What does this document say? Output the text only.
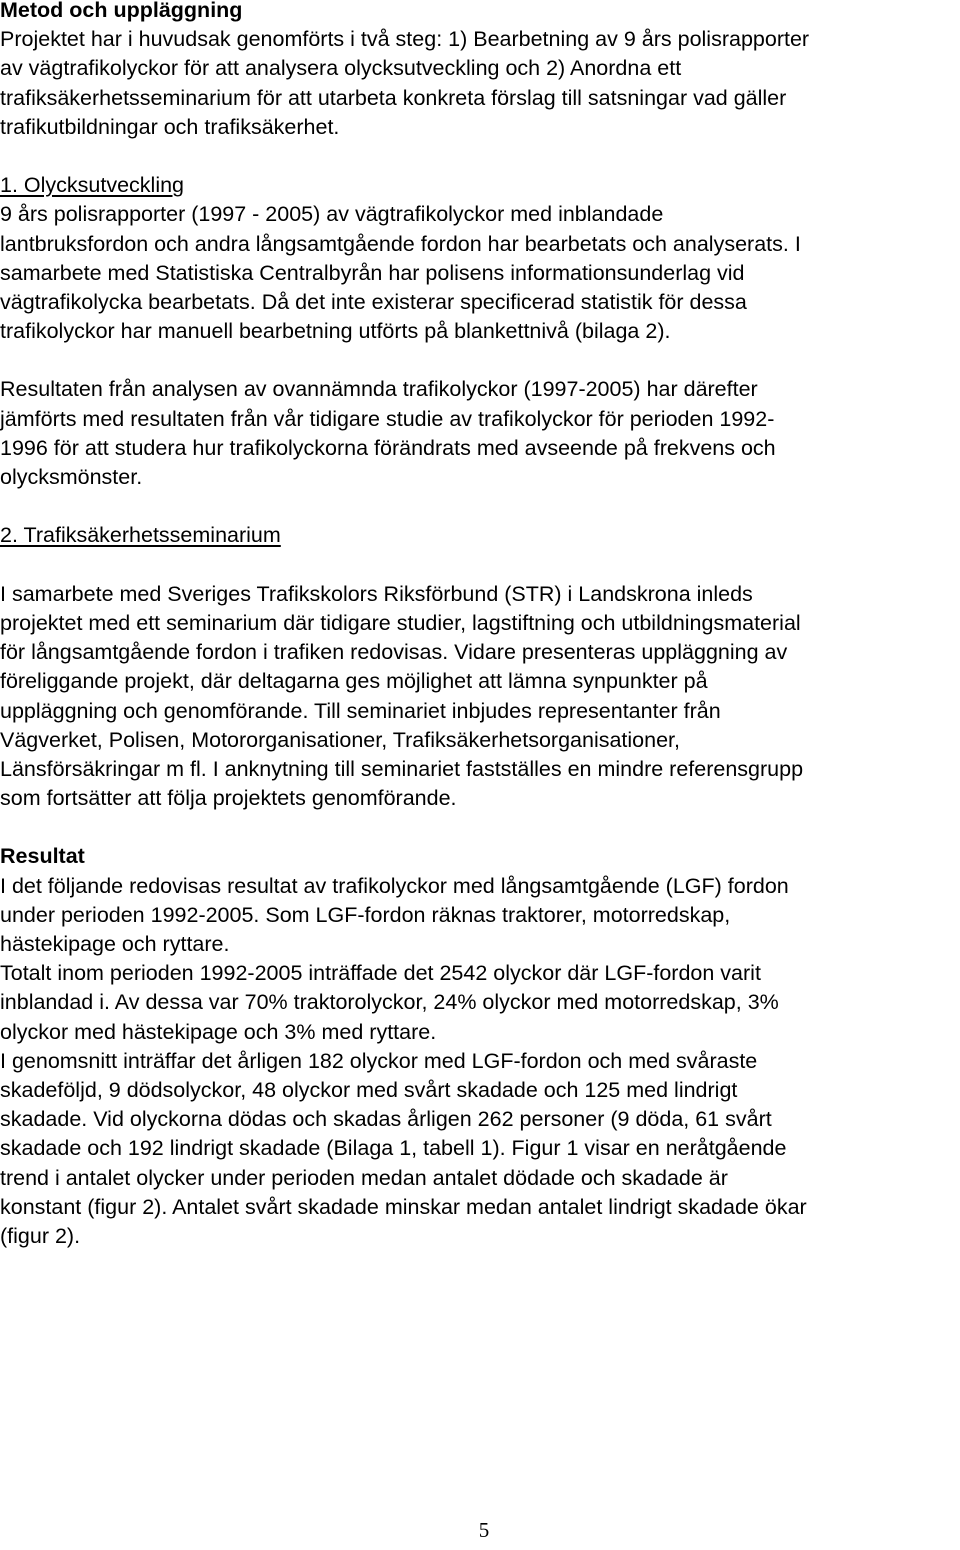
Metod och uppläggning
Projektet har i huvudsak genomförts i två steg: 1) Bearbetning av 9 års polisrapporter
av vägtrafikolyckor för att analysera olycksutveckling och 2) Anordna ett
trafiksäkerhetsseminarium för att utarbeta konkreta förslag till satsningar vad gäller
trafikutbildningar och trafiksäkerhet.
1. Olycksutveckling
9 års polisrapporter (1997 - 2005) av vägtrafikolyckor med inblandade
lantbruksfordon och andra långsamtgående fordon har bearbetats och analyserats. I
samarbete med Statistiska Centralbyrån har polisens informationsunderlag vid
vägtrafikolycka bearbetats. Då det inte existerar specificerad statistik för dessa
trafikolyckor har manuell bearbetning utförts på blankettnivå (bilaga 2).
Resultaten från analysen av ovannämnda trafikolyckor (1997-2005) har därefter
jämförts med resultaten från vår tidigare studie av trafikolyckor för perioden 1992-
1996 för att studera hur trafikolyckorna förändrats med avseende på frekvens och
olycksmönster.
2. Trafiksäkerhetsseminarium
I samarbete med Sveriges Trafikskolors Riksförbund (STR) i Landskrona inleds
projektet med ett seminarium där tidigare studier, lagstiftning och utbildningsmaterial
för långsamtgående fordon i trafiken redovisas. Vidare presenteras uppläggning av
föreliggande projekt, där deltagarna ges möjlighet att lämna synpunkter på
uppläggning och genomförande. Till seminariet inbjudes representanter från
Vägverket, Polisen, Motororganisationer, Trafiksäkerhetsorganisationer,
Länsförsäkringar m fl. I anknytning till seminariet fastställes en mindre referensgrupp
som fortsätter att följa projektets genomförande.
Resultat
I det följande redovisas resultat av trafikolyckor med långsamtgående (LGF) fordon
under perioden 1992-2005. Som LGF-fordon räknas traktorer, motorredskap,
hästekipage och ryttare.
Totalt inom perioden 1992-2005 inträffade det 2542 olyckor där LGF-fordon varit
inblandad i. Av dessa var 70% traktorolyckor, 24% olyckor med motorredskap, 3%
olyckor med hästekipage och 3% med ryttare.
I genomsnitt inträffar det årligen 182 olyckor med LGF-fordon och med svåraste
skadeföljd, 9 dödsolyckor, 48 olyckor med svårt skadade och 125 med lindrigt
skadade. Vid olyckorna dödas och skadas årligen 262 personer (9 döda, 61 svårt
skadade och 192 lindrigt skadade (Bilaga 1, tabell 1). Figur 1 visar en neråtgående
trend i antalet olycker under perioden medan antalet dödade och skadade är
konstant (figur 2). Antalet svårt skadade minskar medan antalet lindrigt skadade ökar
(figur 2).
5
